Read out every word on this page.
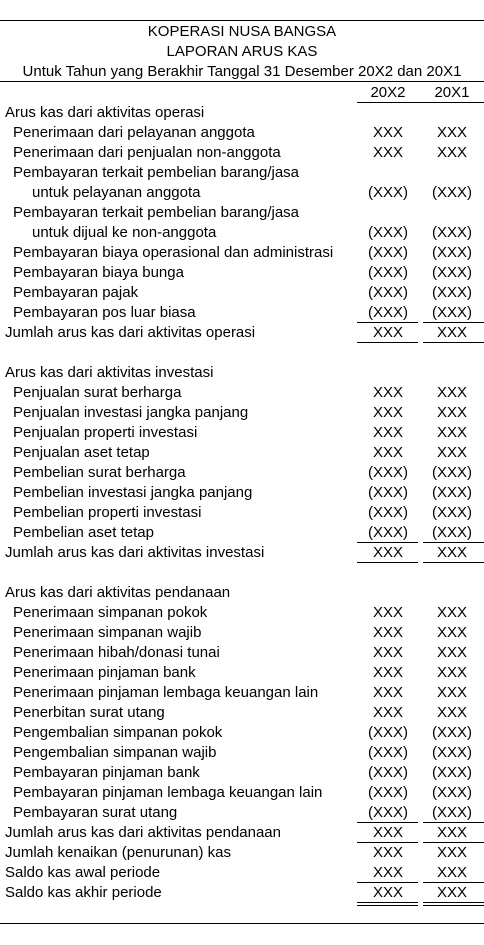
KOPERASI NUSA BANGSA
LAPORAN ARUS KAS
Untuk Tahun yang Berakhir Tanggal 31 Desember 20X2 dan 20X1
20X2	20X1
Arus kas dari aktivitas operasi
Penerimaan dari pelayanan anggota	XXX	XXX
Penerimaan dari penjualan non-anggota	XXX	XXX
Pembayaran terkait pembelian barang/jasa
untuk pelayanan anggota	(XXX)	(XXX)
Pembayaran terkait pembelian barang/jasa
untuk dijual ke non-anggota	(XXX)	(XXX)
Pembayaran biaya operasional dan administrasi	(XXX)	(XXX)
Pembayaran biaya bunga	(XXX)	(XXX)
Pembayaran pajak	(XXX)	(XXX)
Pembayaran pos luar biasa	(XXX)	(XXX)
Jumlah arus kas dari aktivitas operasi	XXX	XXX
Arus kas dari aktivitas investasi
Penjualan surat berharga	XXX	XXX
Penjualan investasi jangka panjang	XXX	XXX
Penjualan properti investasi	XXX	XXX
Penjualan aset tetap	XXX	XXX
Pembelian surat berharga	(XXX)	(XXX)
Pembelian investasi jangka panjang	(XXX)	(XXX)
Pembelian properti investasi	(XXX)	(XXX)
Pembelian aset tetap	(XXX)	(XXX)
Jumlah arus kas dari aktivitas investasi	XXX	XXX
Arus kas dari aktivitas pendanaan
Penerimaan simpanan pokok	XXX	XXX
Penerimaan simpanan wajib	XXX	XXX
Penerimaan hibah/donasi tunai	XXX	XXX
Penerimaan pinjaman bank	XXX	XXX
Penerimaan pinjaman lembaga keuangan lain	XXX	XXX
Penerbitan surat utang	XXX	XXX
Pengembalian simpanan pokok	(XXX)	(XXX)
Pengembalian simpanan wajib	(XXX)	(XXX)
Pembayaran pinjaman bank	(XXX)	(XXX)
Pembayaran pinjaman lembaga keuangan lain	(XXX)	(XXX)
Pembayaran surat utang	(XXX)	(XXX)
Jumlah arus kas dari aktivitas pendanaan	XXX	XXX
Jumlah kenaikan (penurunan) kas	XXX	XXX
Saldo kas awal periode	XXX	XXX
Saldo kas akhir periode	XXX	XXX
